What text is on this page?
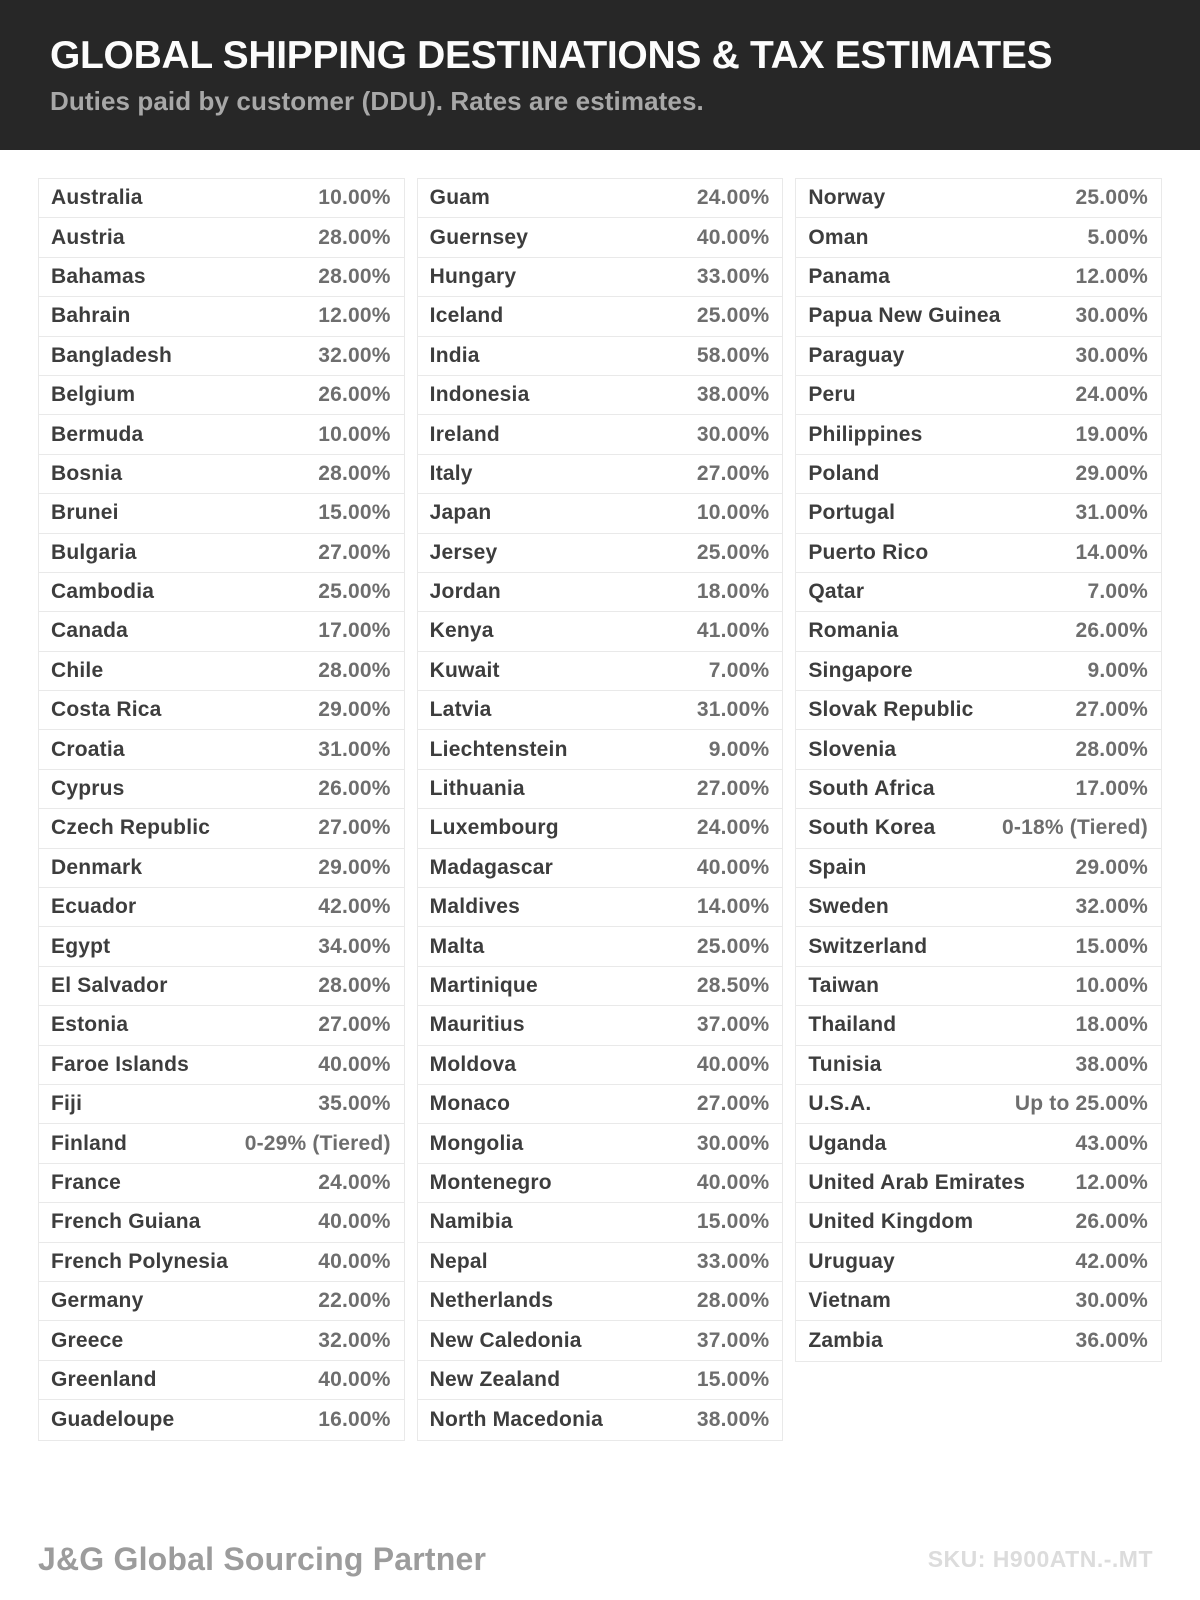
GLOBAL SHIPPING DESTINATIONS & TAX ESTIMATES
Duties paid by customer (DDU). Rates are estimates.
Australia	10.00%
Austria	28.00%
Bahamas	28.00%
Bahrain	12.00%
Bangladesh	32.00%
Belgium	26.00%
Bermuda	10.00%
Bosnia	28.00%
Brunei	15.00%
Bulgaria	27.00%
Cambodia	25.00%
Canada	17.00%
Chile	28.00%
Costa Rica	29.00%
Croatia	31.00%
Cyprus	26.00%
Czech Republic	27.00%
Denmark	29.00%
Ecuador	42.00%
Egypt	34.00%
El Salvador	28.00%
Estonia	27.00%
Faroe Islands	40.00%
Fiji	35.00%
Finland	0-29% (Tiered)
France	24.00%
French Guiana	40.00%
French Polynesia	40.00%
Germany	22.00%
Greece	32.00%
Greenland	40.00%
Guadeloupe	16.00%
Guam	24.00%
Guernsey	40.00%
Hungary	33.00%
Iceland	25.00%
India	58.00%
Indonesia	38.00%
Ireland	30.00%
Italy	27.00%
Japan	10.00%
Jersey	25.00%
Jordan	18.00%
Kenya	41.00%
Kuwait	7.00%
Latvia	31.00%
Liechtenstein	9.00%
Lithuania	27.00%
Luxembourg	24.00%
Madagascar	40.00%
Maldives	14.00%
Malta	25.00%
Martinique	28.50%
Mauritius	37.00%
Moldova	40.00%
Monaco	27.00%
Mongolia	30.00%
Montenegro	40.00%
Namibia	15.00%
Nepal	33.00%
Netherlands	28.00%
New Caledonia	37.00%
New Zealand	15.00%
North Macedonia	38.00%
Norway	25.00%
Oman	5.00%
Panama	12.00%
Papua New Guinea	30.00%
Paraguay	30.00%
Peru	24.00%
Philippines	19.00%
Poland	29.00%
Portugal	31.00%
Puerto Rico	14.00%
Qatar	7.00%
Romania	26.00%
Singapore	9.00%
Slovak Republic	27.00%
Slovenia	28.00%
South Africa	17.00%
South Korea	0-18% (Tiered)
Spain	29.00%
Sweden	32.00%
Switzerland	15.00%
Taiwan	10.00%
Thailand	18.00%
Tunisia	38.00%
U.S.A.	Up to 25.00%
Uganda	43.00%
United Arab Emirates	12.00%
United Kingdom	26.00%
Uruguay	42.00%
Vietnam	30.00%
Zambia	36.00%
J&G Global Sourcing Partner	SKU: H900ATN.-.MT
